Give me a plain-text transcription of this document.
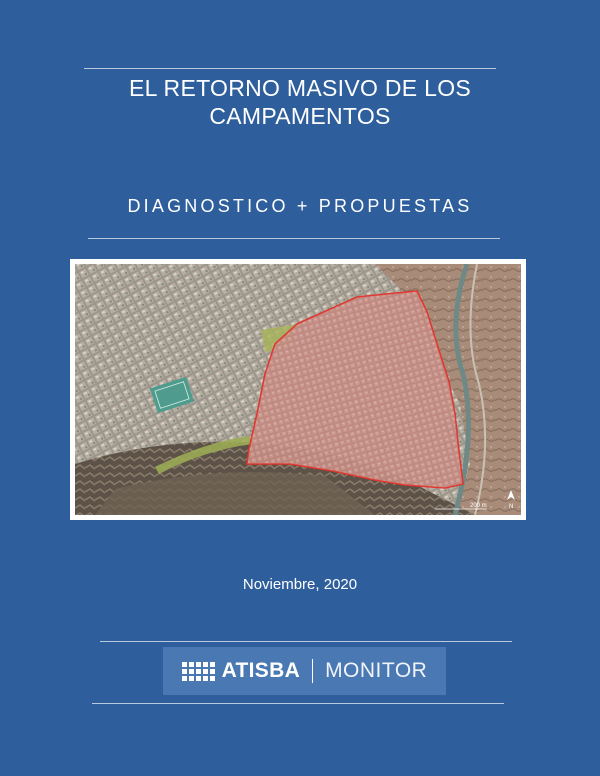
EL RETORNO MASIVO DE LOS
CAMPAMENTOS
DIAGNOSTICO + PROPUESTAS
200 m	N
Noviembre, 2020
ATISBA MONITOR
